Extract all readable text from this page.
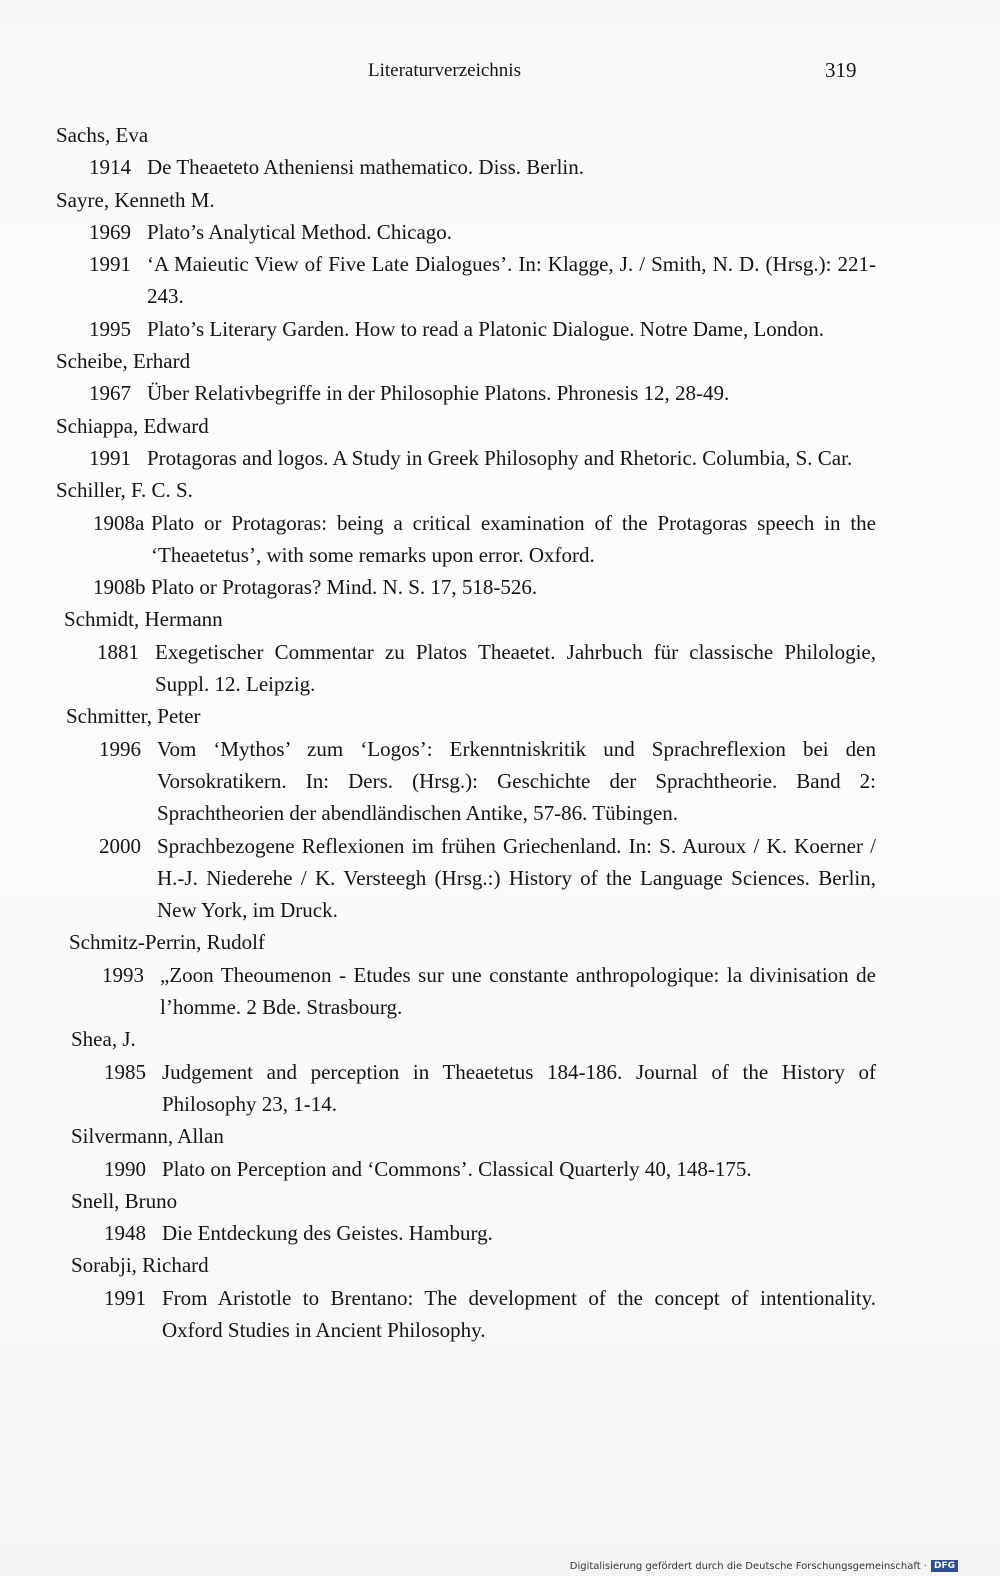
Literaturverzeichnis	319
Sachs, Eva
1914 De Theaeteto Atheniensi mathematico. Diss. Berlin.
Sayre, Kenneth M.
1969 Plato’s Analytical Method. Chicago.
1991 ‘A Maieutic View of Five Late Dialogues’. In: Klagge, J. / Smith, N. D. (Hrsg.): 221-243.
1995 Plato’s Literary Garden. How to read a Platonic Dialogue. Notre Dame, London.
Scheibe, Erhard
1967 Über Relativbegriffe in der Philosophie Platons. Phronesis 12, 28-49.
Schiappa, Edward
1991 Protagoras and logos. A Study in Greek Philosophy and Rhetoric. Columbia, S. Car.
Schiller, F. C. S.
1908a Plato or Protagoras: being a critical examination of the Protagoras speech in the ‘Theaetetus’, with some remarks upon error. Oxford.
1908b Plato or Protagoras? Mind. N. S. 17, 518-526.
Schmidt, Hermann
1881 Exegetischer Commentar zu Platos Theaetet. Jahrbuch für classische Philologie, Suppl. 12. Leipzig.
Schmitter, Peter
1996 Vom ‘Mythos’ zum ‘Logos’: Erkenntniskritik und Sprachreflexion bei den Vorsokratikern. In: Ders. (Hrsg.): Geschichte der Sprachtheorie. Band 2: Sprachtheorien der abendländischen Antike, 57-86. Tübingen.
2000 Sprachbezogene Reflexionen im frühen Griechenland. In: S. Auroux / K. Koerner / H.-J. Niederehe / K. Versteegh (Hrsg.:) History of the Language Sciences. Berlin, New York, im Druck.
Schmitz-Perrin, Rudolf
1993 „Zoon Theoumenon - Etudes sur une constante anthropologique: la divinisation de l’homme. 2 Bde. Strasbourg.
Shea, J.
1985 Judgement and perception in Theaetetus 184-186. Journal of the History of Philosophy 23, 1-14.
Silvermann, Allan
1990 Plato on Perception and ‘Commons’. Classical Quarterly 40, 148-175.
Snell, Bruno
1948 Die Entdeckung des Geistes. Hamburg.
Sorabji, Richard
1991 From Aristotle to Brentano: The development of the concept of intentionality. Oxford Studies in Ancient Philosophy.
Digitalisierung gefördert durch die Deutsche Forschungsgemeinschaft · DFG
